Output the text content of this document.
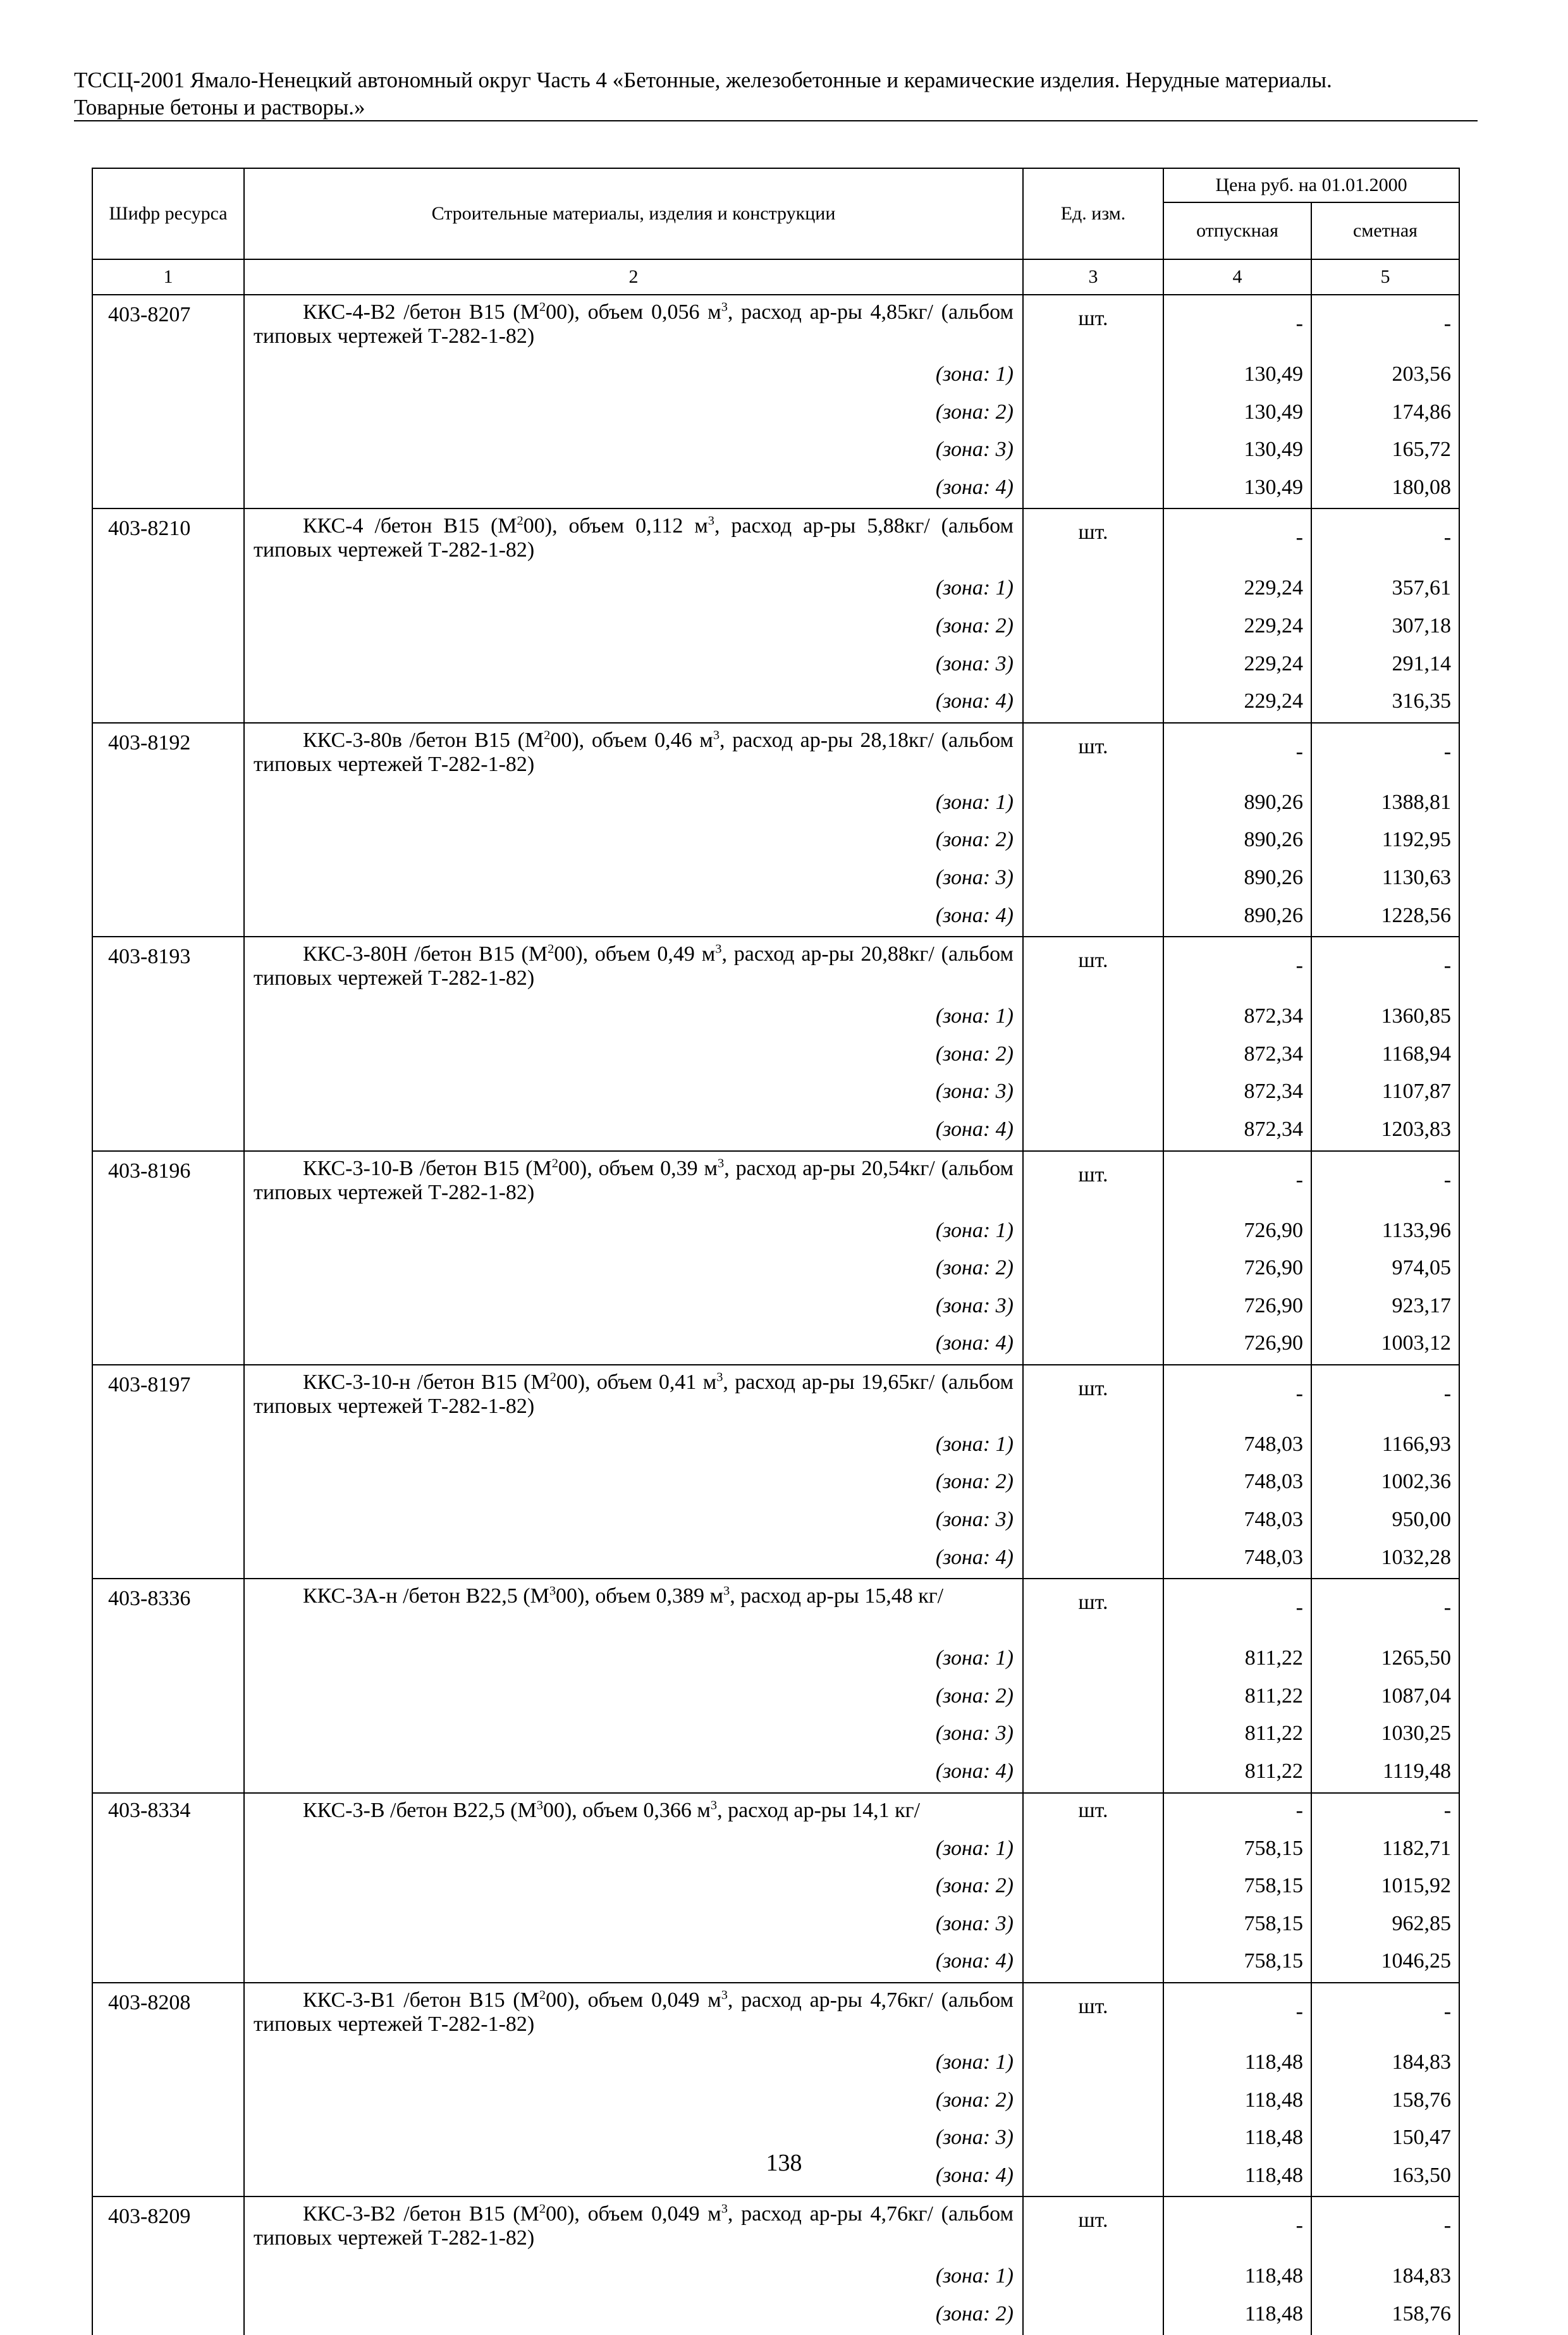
ТССЦ-2001 Ямало-Ненецкий автономный округ Часть 4 «Бетонные, железобетонные и керамические изделия. Нерудные материалы.
Товарные бетоны и растворы.»
Шифр ресурса	Строительные материалы, изделия и конструкции	Ед. изм.	Цена руб. на 01.01.2000	
			отпускная	сметная
1	2	3	4	5
403-8207	ККС-4-В2 /бетон В15 $(М^200)$, объем 0,056 $м^3$, расход ар-ры 4,85кг/ (альбом типовых чертежей Т-282-1-82)	шт.	-	-
	(зона: 1)		130,49	203,56
	(зона: 2)		130,49	174,86
	(зона: 3)		130,49	165,72
	(зона: 4)		130,49	180,08
403-8210	ККС-4 /бетон В15 $(М^200)$, объем 0,112 $м^3$, расход ар-ры 5,88кг/ (альбом типовых чертежей Т-282-1-82)	шт.	-	-
	(зона: 1)		229,24	357,61
	(зона: 2)		229,24	307,18
	(зона: 3)		229,24	291,14
	(зона: 4)		229,24	316,35
403-8192	ККС-3-80в /бетон В15 $(М^200)$, объем 0,46 $м^3$, расход ар-ры 28,18кг/ (альбом типовых чертежей Т-282-1-82)	шт.	-	-
	(зона: 1)		890,26	1388,81
	(зона: 2)		890,26	1192,95
	(зона: 3)		890,26	1130,63
	(зона: 4)		890,26	1228,56
403-8193	ККС-3-80Н /бетон В15 $(М^200)$, объем 0,49 $м^3$, расход ар-ры 20,88кг/ (альбом типовых чертежей Т-282-1-82)	шт.	-	-
	(зона: 1)		872,34	1360,85
	(зона: 2)		872,34	1168,94
	(зона: 3)		872,34	1107,87
	(зона: 4)		872,34	1203,83
403-8196	ККС-3-10-В /бетон В15 $(М^200)$, объем 0,39 $м^3$, расход ар-ры 20,54кг/ (альбом типовых чертежей Т-282-1-82)	шт.	-	-
	(зона: 1)		726,90	1133,96
	(зона: 2)		726,90	974,05
	(зона: 3)		726,90	923,17
	(зона: 4)		726,90	1003,12
403-8197	ККС-3-10-н /бетон В15 $(М^200)$, объем 0,41 $м^3$, расход ар-ры 19,65кг/ (альбом типовых чертежей Т-282-1-82)	шт.	-	-
	(зона: 1)		748,03	1166,93
	(зона: 2)		748,03	1002,36
	(зона: 3)		748,03	950,00
	(зона: 4)		748,03	1032,28
403-8336	ККС-3А-н /бетон В22,5 $(М^300)$, объем 0,389 $м^3$, расход ар-ры 15,48 кг/	шт.	-	-
	(зона: 1)		811,22	1265,50
	(зона: 2)		811,22	1087,04
	(зона: 3)		811,22	1030,25
	(зона: 4)		811,22	1119,48
403-8334	ККС-3-В /бетон В22,5 $(М^300)$, объем 0,366 $м^3$, расход ар-ры 14,1 кг/	шт.	-	-
	(зона: 1)		758,15	1182,71
	(зона: 2)		758,15	1015,92
	(зона: 3)		758,15	962,85
	(зона: 4)		758,15	1046,25
403-8208	ККС-3-В1 /бетон В15 $(М^200)$, объем 0,049 $м^3$, расход ар-ры 4,76кг/ (альбом типовых чертежей Т-282-1-82)	шт.	-	-
	(зона: 1)		118,48	184,83
	(зона: 2)		118,48	158,76
	(зона: 3)		118,48	150,47
	(зона: 4)		118,48	163,50
403-8209	ККС-3-В2 /бетон В15 $(М^200)$, объем 0,049 $м^3$, расход ар-ры 4,76кг/ (альбом типовых чертежей Т-282-1-82)	шт.	-	-
	(зона: 1)		118,48	184,83
	(зона: 2)		118,48	158,76
138
